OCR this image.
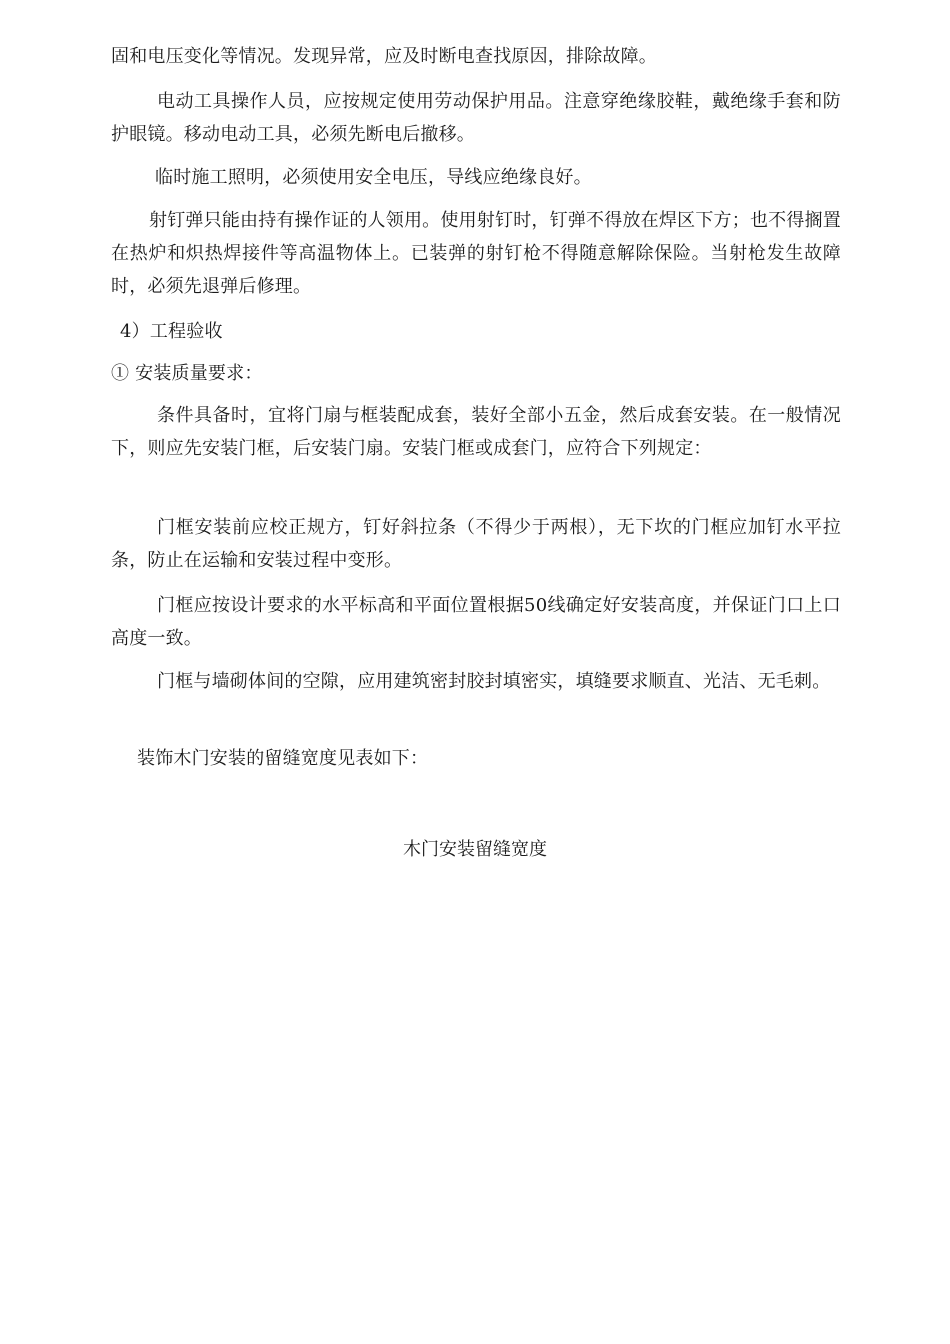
固和电压变化等情况。发现异常，应及时断电查找原因，排除故障。

电动工具操作人员，应按规定使用劳动保护用品。注意穿绝缘胶鞋，戴绝缘手套和防护眼镜。移动电动工具，必须先断电后撤移。

临时施工照明，必须使用安全电压，导线应绝缘良好。

射钉弹只能由持有操作证的人领用。使用射钉时，钉弹不得放在焊区下方；也不得搁置在热炉和炽热焊接件等高温物体上。已装弹的射钉枪不得随意解除保险。当射枪发生故障时，必须先退弹后修理。

4）工程验收

① 安装质量要求：

条件具备时，宜将门扇与框装配成套，装好全部小五金，然后成套安装。在一般情况下，则应先安装门框，后安装门扇。安装门框或成套门，应符合下列规定：

门框安装前应校正规方，钉好斜拉条（不得少于两根），无下坎的门框应加钉水平拉条，防止在运输和安装过程中变形。

门框应按设计要求的水平标高和平面位置根据50线确定好安装高度，并保证门口上口高度一致。

门框与墙砌体间的空隙，应用建筑密封胶封填密实，填缝要求顺直、光洁、无毛刺。

装饰木门安装的留缝宽度见表如下：

木门安装留缝宽度
